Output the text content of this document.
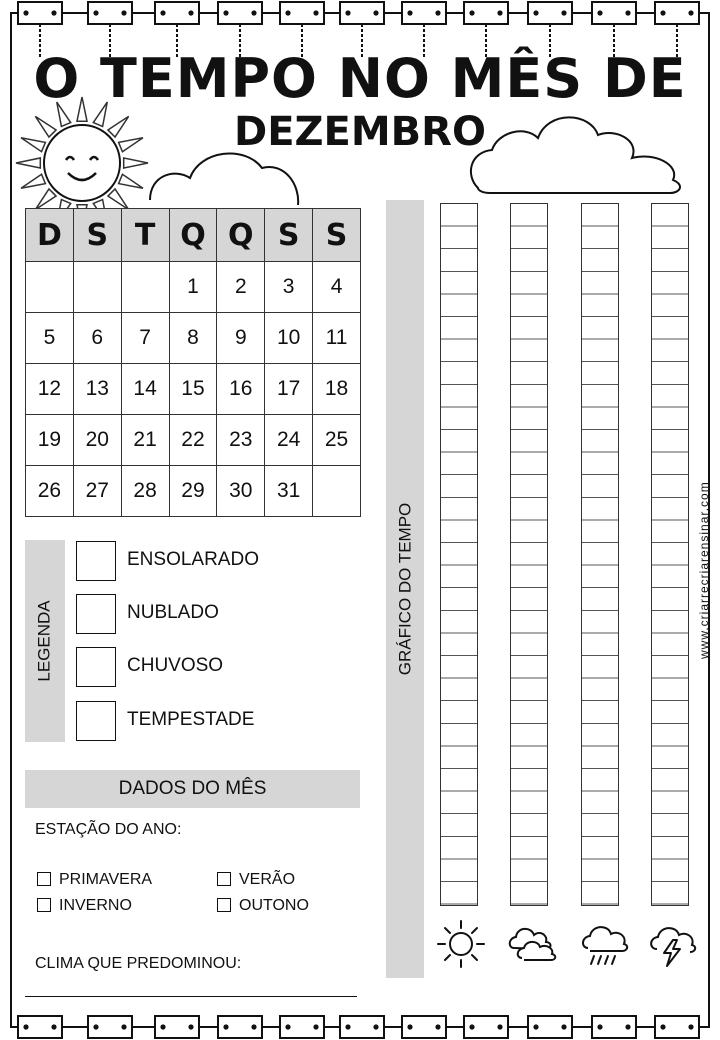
O TEMPO NO MÊS DE
DEZEMBRO
D	S	T	Q	Q	S	S
			1	2	3	4
5	6	7	8	9	10	11
12	13	14	15	16	17	18
19	20	21	22	23	24	25
26	27	28	29	30	31	
LEGENDA
ENSOLARADO
NUBLADO
CHUVOSO
TEMPESTADE
DADOS DO MÊS
ESTAÇÃO DO ANO:
PRIMAVERA	VERÃO
INVERNO	OUTONO
CLIMA QUE PREDOMINOU:
GRÁFICO DO TEMPO	www.criarrecriarensinar.com
